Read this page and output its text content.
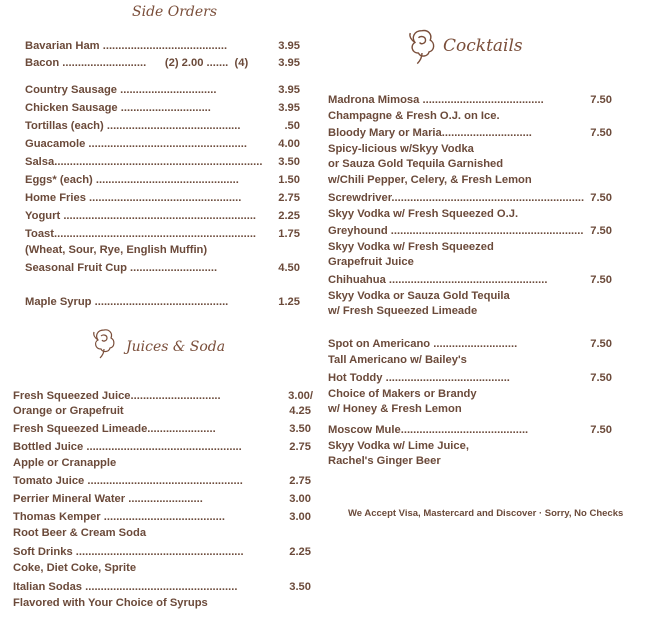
Side Orders
Bavarian Ham ........................................	3.95
Bacon ...........................      (2) 2.00 .......  (4)	3.95
Country Sausage ...............................	3.95
Chicken Sausage .............................	3.95
Tortillas (each) ...........................................	.50
Guacamole ...................................................	4.00
Salsa................................................................... 3.50
Eggs* (each) ..............................................	1.50
Home Fries .................................................	2.75
Yogurt .............................................................. 2.25
Toast................................................................. 1.75
(Wheat, Sour, Rye, English Muffin)
Seasonal Fruit Cup ............................	4.50
Maple Syrup ...........................................	1.25
Juices & Soda
Fresh Squeezed Juice.............................	3.00/
Orange or Grapefruit	4.25
Fresh Squeezed Limeade......................	3.50
Bottled Juice ..................................................	2.75
Apple or Cranapple
Tomato Juice ..................................................	2.75
Perrier Mineral Water ........................	3.00
Thomas Kemper .......................................	3.00
Root Beer & Cream Soda
Soft Drinks ......................................................	2.25
Coke, Diet Coke, Sprite
Italian Sodas .................................................	3.50
Flavored with Your Choice of Syrups
Cocktails
Madrona Mimosa .......................................	7.50
Champagne & Fresh O.J. on Ice.
Bloody Mary or Maria.............................	7.50
Spicy-licious w/Skyy Vodka
or Sauza Gold Tequila Garnished
w/Chili Pepper, Celery, & Fresh Lemon
Screwdriver.............................................................. 7.50
Skyy Vodka w/ Fresh Squeezed O.J.
Greyhound .............................................................. 7.50
Skyy Vodka w/ Fresh Squeezed
Grapefruit Juice
Chihuahua ...................................................	7.50
Skyy Vodka or Sauza Gold Tequila
w/ Fresh Squeezed Limeade
Spot on Americano ...........................	7.50
Tall Americano w/ Bailey's
Hot Toddy ........................................	7.50
Choice of Makers or Brandy
w/ Honey & Fresh Lemon
Moscow Mule.........................................	7.50
Skyy Vodka w/ Lime Juice,
Rachel's Ginger Beer
We Accept Visa, Mastercard and Discover · Sorry, No Checks
